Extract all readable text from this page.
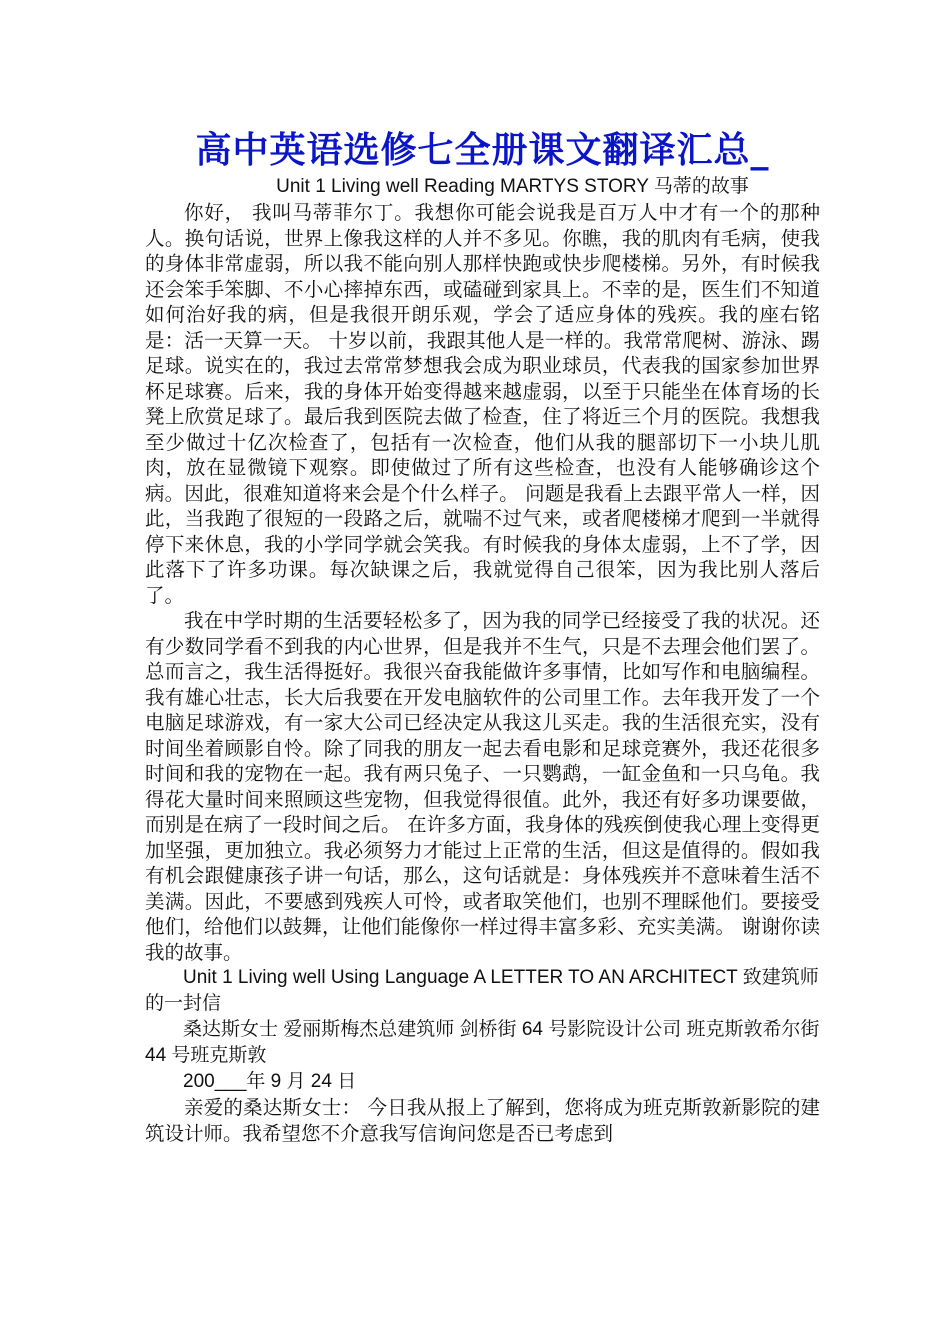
高中英语选修七全册课文翻译汇总_

Unit 1 Living well Reading MARTYS STORY 马蒂的故事

你好， 我叫马蒂菲尔丁。我想你可能会说我是百万人中才有一个的那种人。换句话说，世界上像我这样的人并不多见。你瞧，我的肌肉有毛病，使我的身体非常虚弱，所以我不能向别人那样快跑或快步爬楼梯。另外，有时候我还会笨手笨脚、不小心摔掉东西，或磕碰到家具上。不幸的是，医生们不知道如何治好我的病，但是我很开朗乐观，学会了适应身体的残疾。我的座右铭是：活一天算一天。 十岁以前，我跟其他人是一样的。我常常爬树、游泳、踢足球。说实在的，我过去常常梦想我会成为职业球员，代表我的国家参加世界杯足球赛。后来，我的身体开始变得越来越虚弱，以至于只能坐在体育场的长凳上欣赏足球了。最后我到医院去做了检查，住了将近三个月的医院。我想我至少做过十亿次检查了，包括有一次检查，他们从我的腿部切下一小块儿肌肉，放在显微镜下观察。即使做过了所有这些检查，也没有人能够确诊这个病。因此，很难知道将来会是个什么样子。 问题是我看上去跟平常人一样，因此，当我跑了很短的一段路之后，就喘不过气来，或者爬楼梯才爬到一半就得停下来休息，我的小学同学就会笑我。有时候我的身体太虚弱，上不了学，因此落下了许多功课。每次缺课之后，我就觉得自己很笨，因为我比别人落后了。

我在中学时期的生活要轻松多了，因为我的同学已经接受了我的状况。还有少数同学看不到我的内心世界，但是我并不生气，只是不去理会他们罢了。总而言之，我生活得挺好。我很兴奋我能做许多事情，比如写作和电脑编程。我有雄心壮志，长大后我要在开发电脑软件的公司里工作。去年我开发了一个电脑足球游戏，有一家大公司已经决定从我这儿买走。我的生活很充实，没有时间坐着顾影自怜。除了同我的朋友一起去看电影和足球竞赛外，我还花很多时间和我的宠物在一起。我有两只兔子、一只鹦鹉，一缸金鱼和一只乌龟。我得花大量时间来照顾这些宠物，但我觉得很值。此外，我还有好多功课要做，而别是在病了一段时间之后。 在许多方面，我身体的残疾倒使我心理上变得更加坚强，更加独立。我必须努力才能过上正常的生活，但这是值得的。假如我有机会跟健康孩子讲一句话，那么，这句话就是：身体残疾并不意味着生活不美满。因此，不要感到残疾人可怜，或者取笑他们，也别不理睬他们。要接受他们，给他们以鼓舞，让他们能像你一样过得丰富多彩、充实美满。 谢谢你读我的故事。

Unit 1 Living well Using Language A LETTER TO AN ARCHITECT 致建筑师的一封信

桑达斯女士 爱丽斯梅杰总建筑师 剑桥街 64 号影院设计公司 班克斯敦希尔街 44 号班克斯敦

200___年 9 月 24 日

亲爱的桑达斯女士： 今日我从报上了解到，您将成为班克斯敦新影院的建筑设计师。我希望您不介意我写信询问您是否已考虑到
